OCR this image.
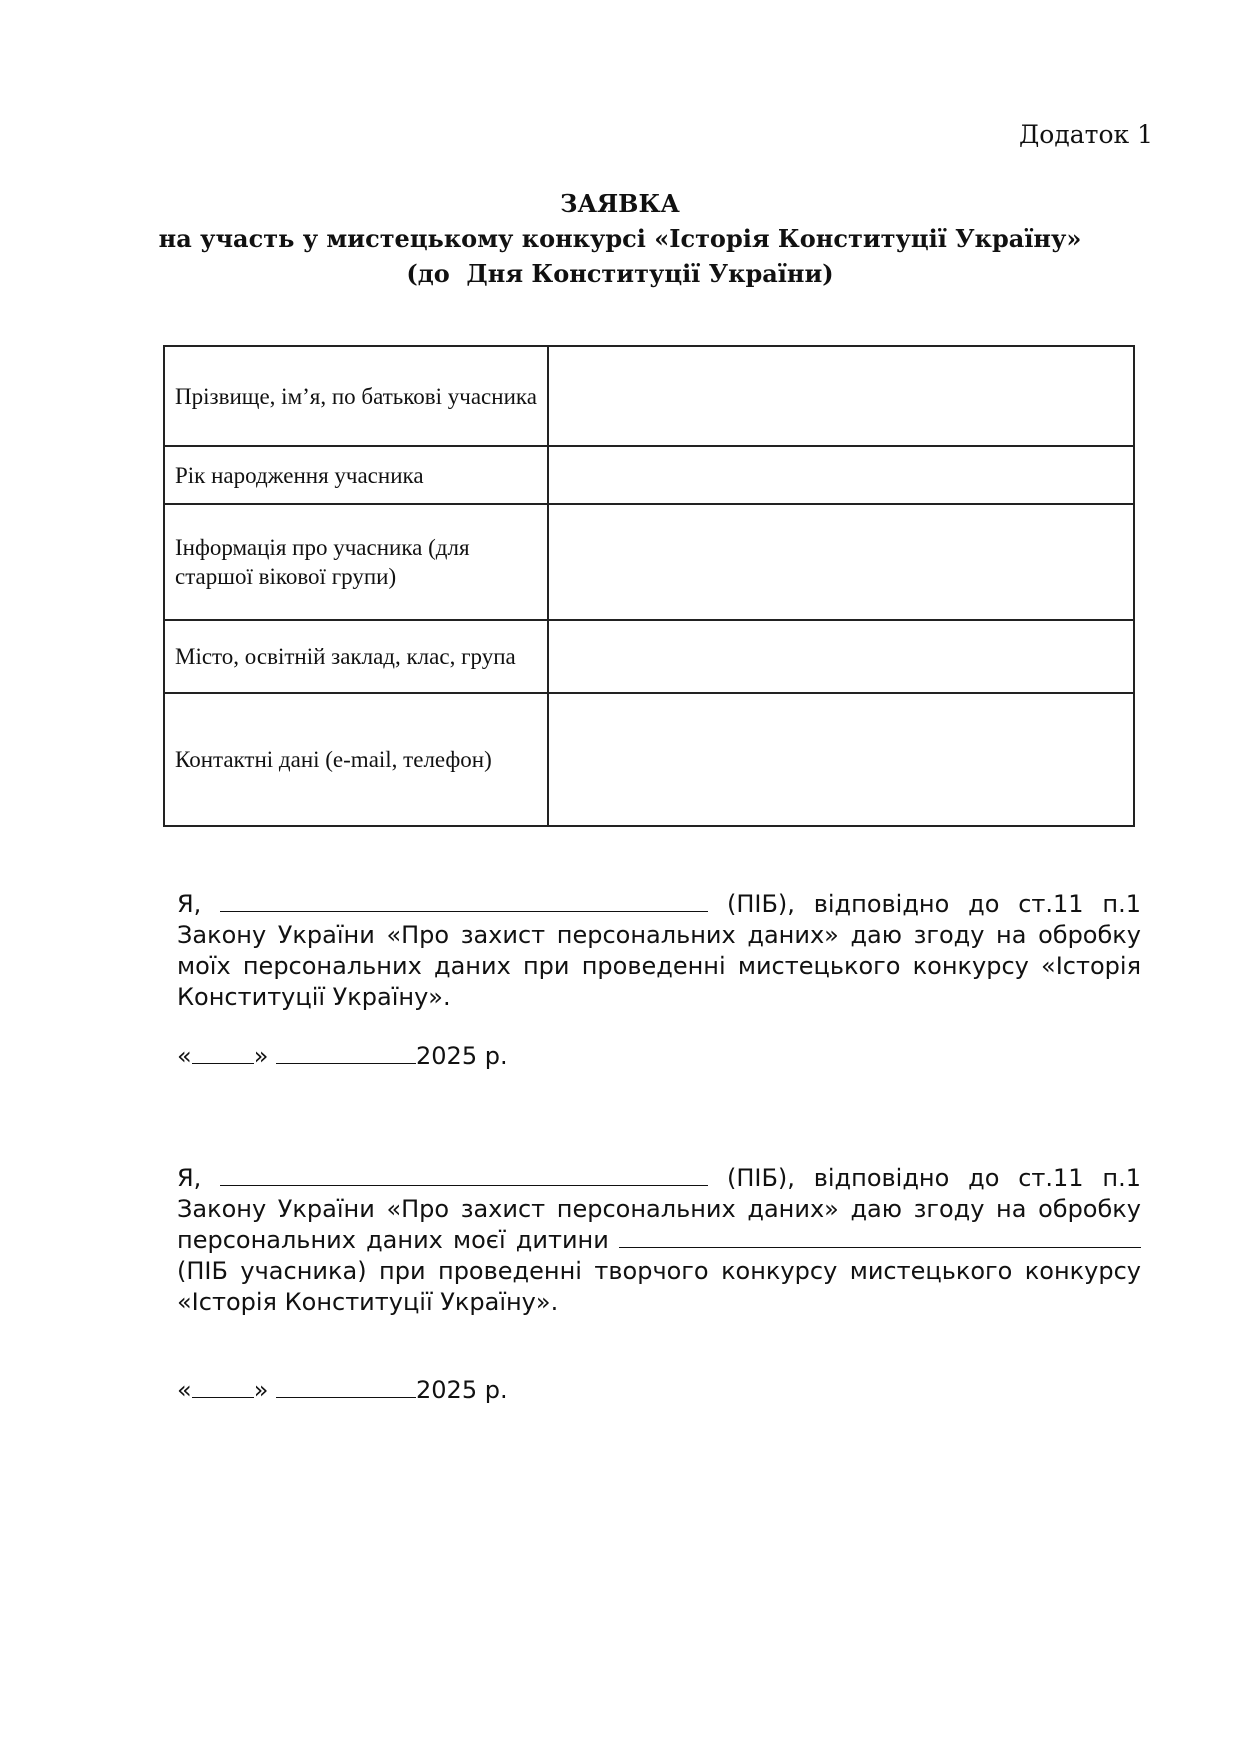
Додаток 1
ЗАЯВКА
на участь у мистецькому конкурсі «Історія Конституції Україну»
(до  Дня Конституції України)
Прізвище, ім’я, по батькові учасника	
Рік народження учасника	
Інформація про учасника (для старшої вікової групи)	
Місто, освітній заклад, клас, група	
Контактні дані (e-mail, телефон)	
Я,	(ПІБ), відповідно до ст.11 п.1 Закону України «Про захист персональних даних» даю згоду на обробку моїх персональних даних при проведенні мистецького конкурсу «Історія Конституції Україну».
«	»	2025 р.
Я,	(ПІБ), відповідно до ст.11 п.1 Закону України «Про захист персональних даних» даю згоду на обробку персональних даних моєї дитини  (ПІБ учасника) при проведенні творчого конкурсу мистецького конкурсу «Історія Конституції Україну».
«	»	2025 р.
